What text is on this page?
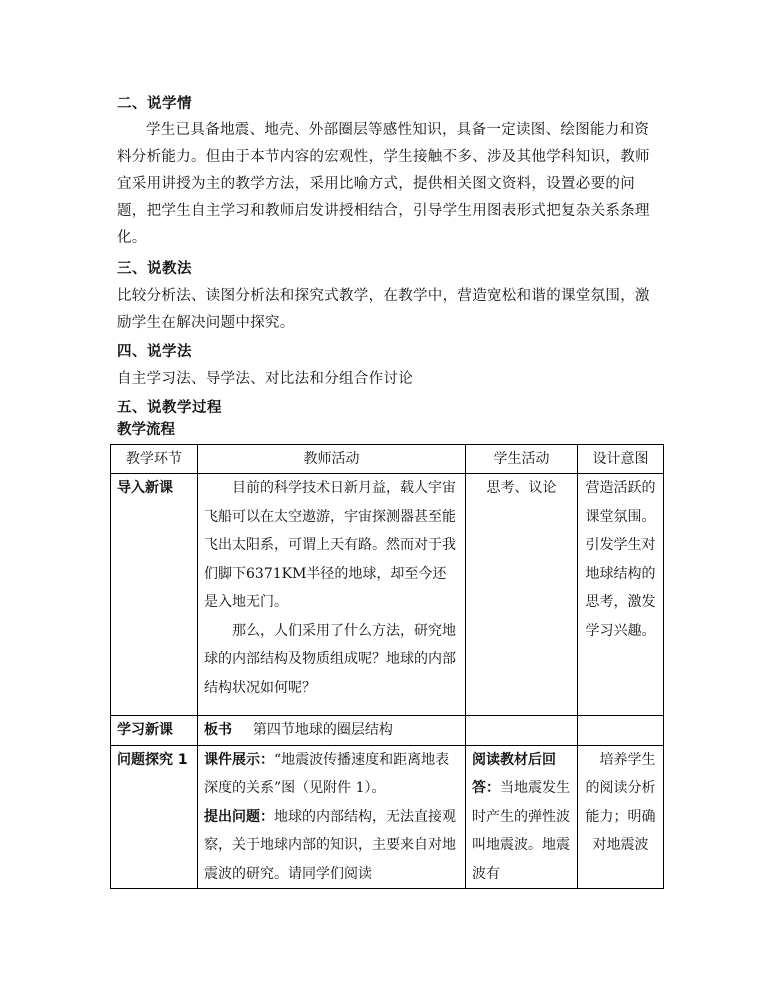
二、说学情
学生已具备地震、地壳、外部圈层等感性知识，具备一定读图、绘图能力和资料分析能力。但由于本节内容的宏观性，学生接触不多、涉及其他学科知识，教师宜采用讲授为主的教学方法，采用比喻方式，提供相关图文资料，设置必要的问题，把学生自主学习和教师启发讲授相结合，引导学生用图表形式把复杂关系条理化。
三、说教法
比较分析法、读图分析法和探究式教学，在教学中，营造宽松和谐的课堂氛围，激励学生在解决问题中探究。
四、说学法
自主学习法、导学法、对比法和分组合作讨论
五、说教学过程
教学流程
教学环节	教师活动	学生活动	设计意图
导入新课	目前的科学技术日新月益，载人宇宙飞船可以在太空遨游，宇宙探测器甚至能飞出太阳系，可谓上天有路。然而对于我们脚下6371KM半径的地球，却至今还是入地无门。
那么，人们采用了什么方法，研究地球的内部结构及物质组成呢？地球的内部结构状况如何呢？	思考、议论	营造活跃的课堂氛围。引发学生对地球结构的思考，激发学习兴趣。
学习新课	板书 第四节地球的圈层结构		
问题探究 1	课件展示：“地震波传播速度和距离地表深度的关系”图（见附件 1）。
提出问题：地球的内部结构，无法直接观察，关于地球内部的知识，主要来自对地震波的研究。请同学们阅读	阅读教材后回答：当地震发生时产生的弹性波叫地震波。地震波有	培养学生的阅读分析能力；明确对地震波
